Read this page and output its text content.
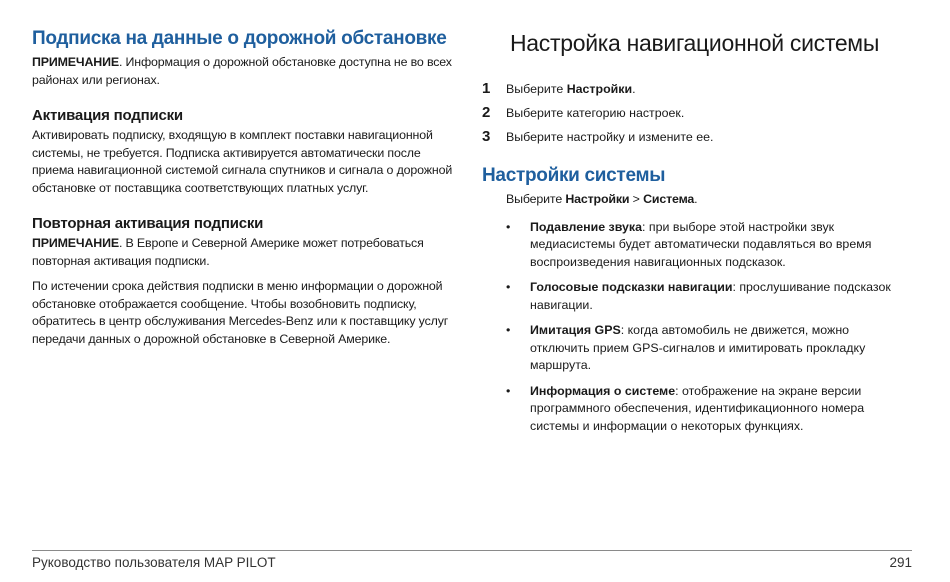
Подписка на данные о дорожной обстановке

ПРИМЕЧАНИЕ. Информация о дорожной обстановке доступна не во всех районах или регионах.

Активация подписки

Активировать подписку, входящую в комплект поставки навигационной системы, не требуется. Подписка активируется автоматически после приема навигационной системой сигнала спутников и сигнала о дорожной обстановке от поставщика соответствующих платных услуг.

Повторная активация подписки

ПРИМЕЧАНИЕ. В Европе и Северной Америке может потребоваться повторная активация подписки.

По истечении срока действия подписки в меню информации о дорожной обстановке отображается сообщение. Чтобы возобновить подписку, обратитесь в центр обслуживания Mercedes-Benz или к поставщику услуг передачи данных о дорожной обстановке в Северной Америке.

Настройка навигационной системы
1	Выберите Настройки.
2	Выберите категорию настроек.
3	Выберите настройку и измените ее.
Настройки системы

Выберите Настройки > Система.

•	Подавление звука: при выборе этой настройки звук медиасистемы будет автоматически подавляться во время воспроизведения навигационных подсказок.
•	Голосовые подсказки навигации: прослушивание подсказок навигации.
•	Имитация GPS: когда автомобиль не движется, можно отключить прием GPS-сигналов и имитировать прокладку маршрута.
•	Информация о системе: отображение на экране версии программного обеспечения, идентификационного номера системы и информации о некоторых функциях.
Руководство пользователя MAP PILOT	291
